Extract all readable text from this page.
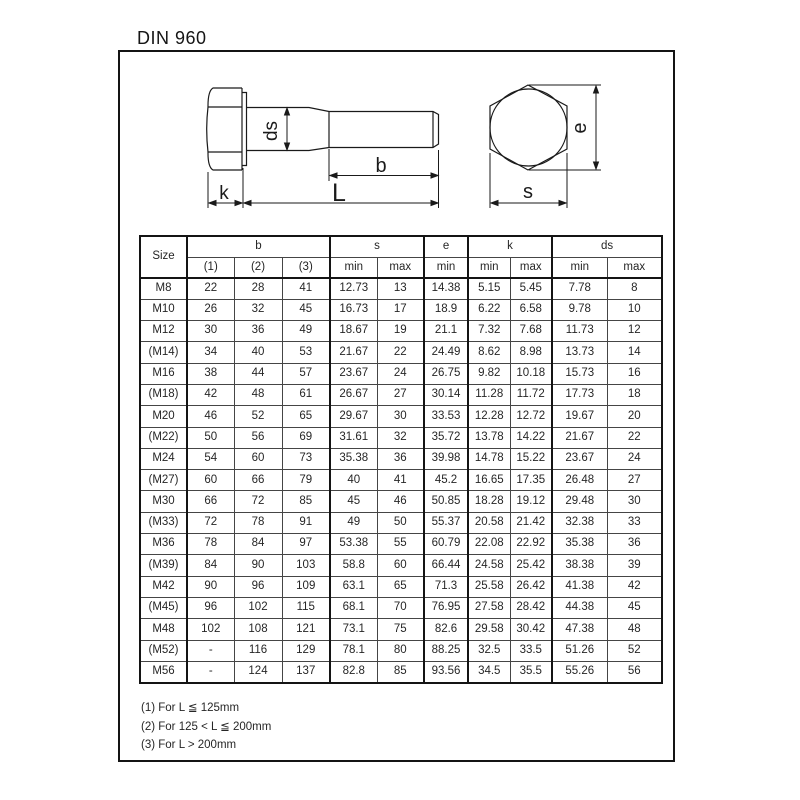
DIN 960
ds
b
k	L
e
s
Size	b			s		e	k		ds	
	(1)	(2)	(3)	min	max	min	min	max	min	max
M8	22	28	41	12.73	13	14.38	5.15	5.45	7.78	8
M10	26	32	45	16.73	17	18.9	6.22	6.58	9.78	10
M12	30	36	49	18.67	19	21.1	7.32	7.68	11.73	12
(M14)	34	40	53	21.67	22	24.49	8.62	8.98	13.73	14
M16	38	44	57	23.67	24	26.75	9.82	10.18	15.73	16
(M18)	42	48	61	26.67	27	30.14	11.28	11.72	17.73	18
M20	46	52	65	29.67	30	33.53	12.28	12.72	19.67	20
(M22)	50	56	69	31.61	32	35.72	13.78	14.22	21.67	22
M24	54	60	73	35.38	36	39.98	14.78	15.22	23.67	24
(M27)	60	66	79	40	41	45.2	16.65	17.35	26.48	27
M30	66	72	85	45	46	50.85	18.28	19.12	29.48	30
(M33)	72	78	91	49	50	55.37	20.58	21.42	32.38	33
M36	78	84	97	53.38	55	60.79	22.08	22.92	35.38	36
(M39)	84	90	103	58.8	60	66.44	24.58	25.42	38.38	39
M42	90	96	109	63.1	65	71.3	25.58	26.42	41.38	42
(M45)	96	102	115	68.1	70	76.95	27.58	28.42	44.38	45
M48	102	108	121	73.1	75	82.6	29.58	30.42	47.38	48
(M52)	-	116	129	78.1	80	88.25	32.5	33.5	51.26	52
M56	-	124	137	82.8	85	93.56	34.5	35.5	55.26	56
(1) For L ≦ 125mm
(2) For 125 < L ≦ 200mm
(3) For L > 200mm
